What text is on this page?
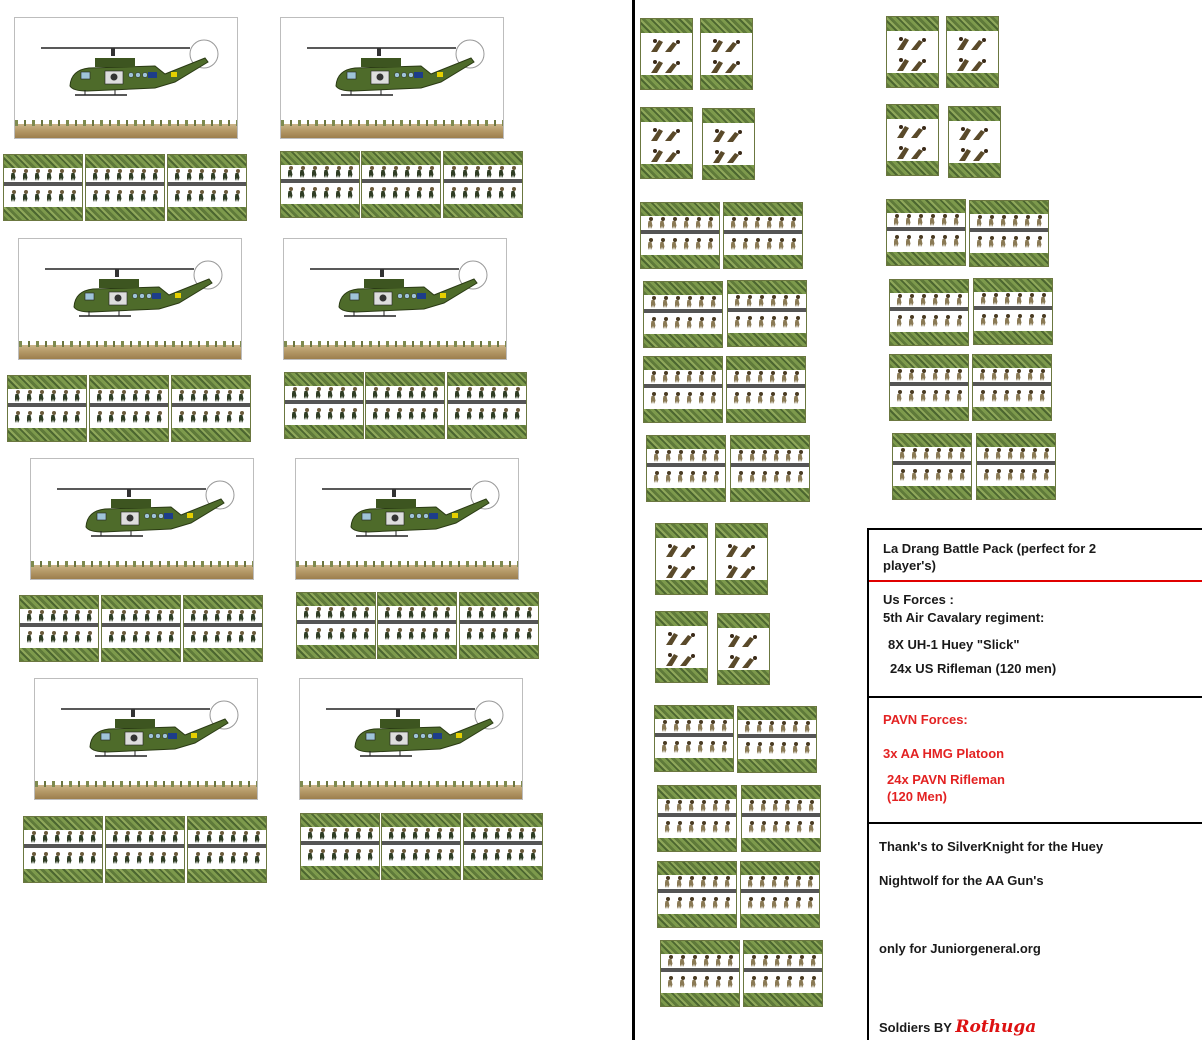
La Drang Battle Pack (perfect for 2
player's)
Us Forces :
5th Air Cavalary regiment:
8X UH-1 Huey "Slick"
24x US Rifleman (120 men)
PAVN Forces:
3x AA HMG Platoon
24x PAVN Rifleman
(120 Men)
Thank's to SilverKnight for the Huey
Nightwolf for the AA Gun's
only for Juniorgeneral.org
Soldiers BY Rothuga
